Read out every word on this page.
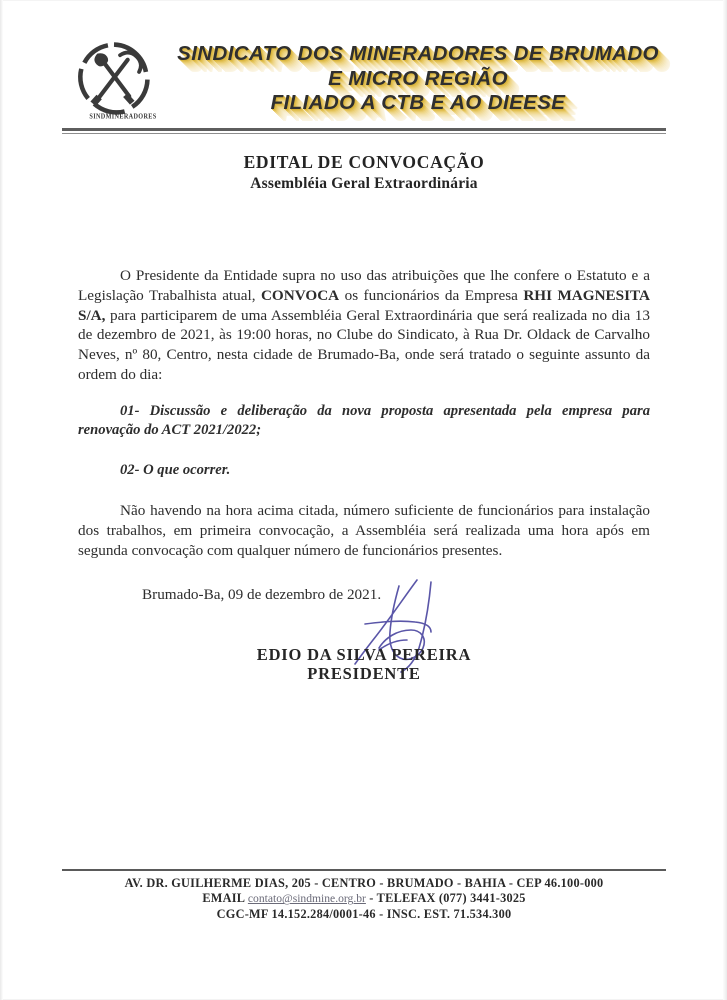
SINDMINERADORES
SINDICATO DOS MINERADORES DE BRUMADO
E MICRO REGIÃO
FILIADO A CTB E AO DIEESE
EDITAL DE CONVOCAÇÃO
Assembléia Geral Extraordinária

O Presidente da Entidade supra no uso das atribuições que lhe confere o Estatuto e a Legislação Trabalhista atual, CONVOCA os funcionários da Empresa RHI MAGNESITA S/A, para participarem de uma Assembléia Geral Extraordinária que será realizada no dia 13 de dezembro de 2021, às 19:00 horas, no Clube do Sindicato, à Rua Dr. Oldack de Carvalho Neves, nº 80, Centro, nesta cidade de Brumado-Ba, onde será tratado o seguinte assunto da ordem do dia:

01- Discussão e deliberação da nova proposta apresentada pela empresa para renovação do ACT 2021/2022;

02- O que ocorrer.

Não havendo na hora acima citada, número suficiente de funcionários para instalação dos trabalhos, em primeira convocação, a Assembléia será realizada uma hora após em segunda convocação com qualquer número de funcionários presentes.

Brumado-Ba, 09 de dezembro de 2021.
EDIO DA SILVA PEREIRA
PRESIDENTE
AV. DR. GUILHERME DIAS, 205 - CENTRO - BRUMADO - BAHIA - CEP 46.100-000
EMAIL contato@sindmine.org.br - TELEFAX (077) 3441-3025
CGC-MF 14.152.284/0001-46 - INSC. EST. 71.534.300
